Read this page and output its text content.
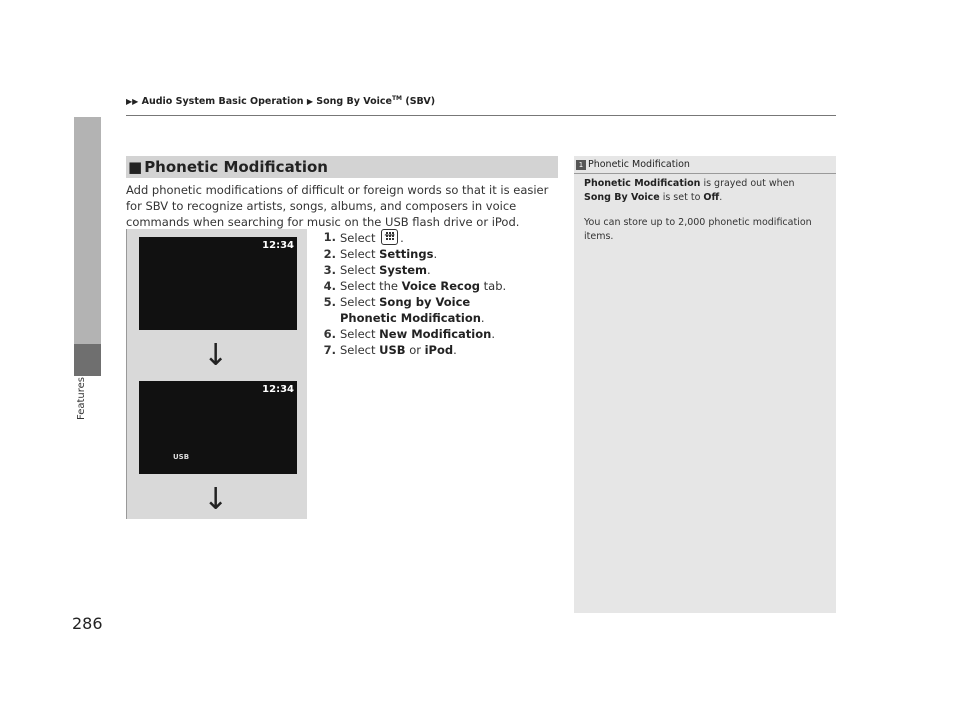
Features
▶▶ Audio System Basic Operation ▶ Song By Voice™ (SBV)
■ Phonetic Modification
Add phonetic modifications of difficult or foreign words so that it is easier for SBV to recognize artists, songs, albums, and composers in voice commands when searching for music on the USB flash drive or iPod.
12:34
↓
12:34
USB
↓
1. Select	HOME .
2. Select Settings.
3. Select System.
4. Select the Voice Recog tab.
5. Select Song by Voice Phonetic Modification.
6. Select New Modification.
7. Select USB or iPod.
1 Phonetic Modification

Phonetic Modification is grayed out when Song By Voice is set to Off.

You can store up to 2,000 phonetic modification items.

286
